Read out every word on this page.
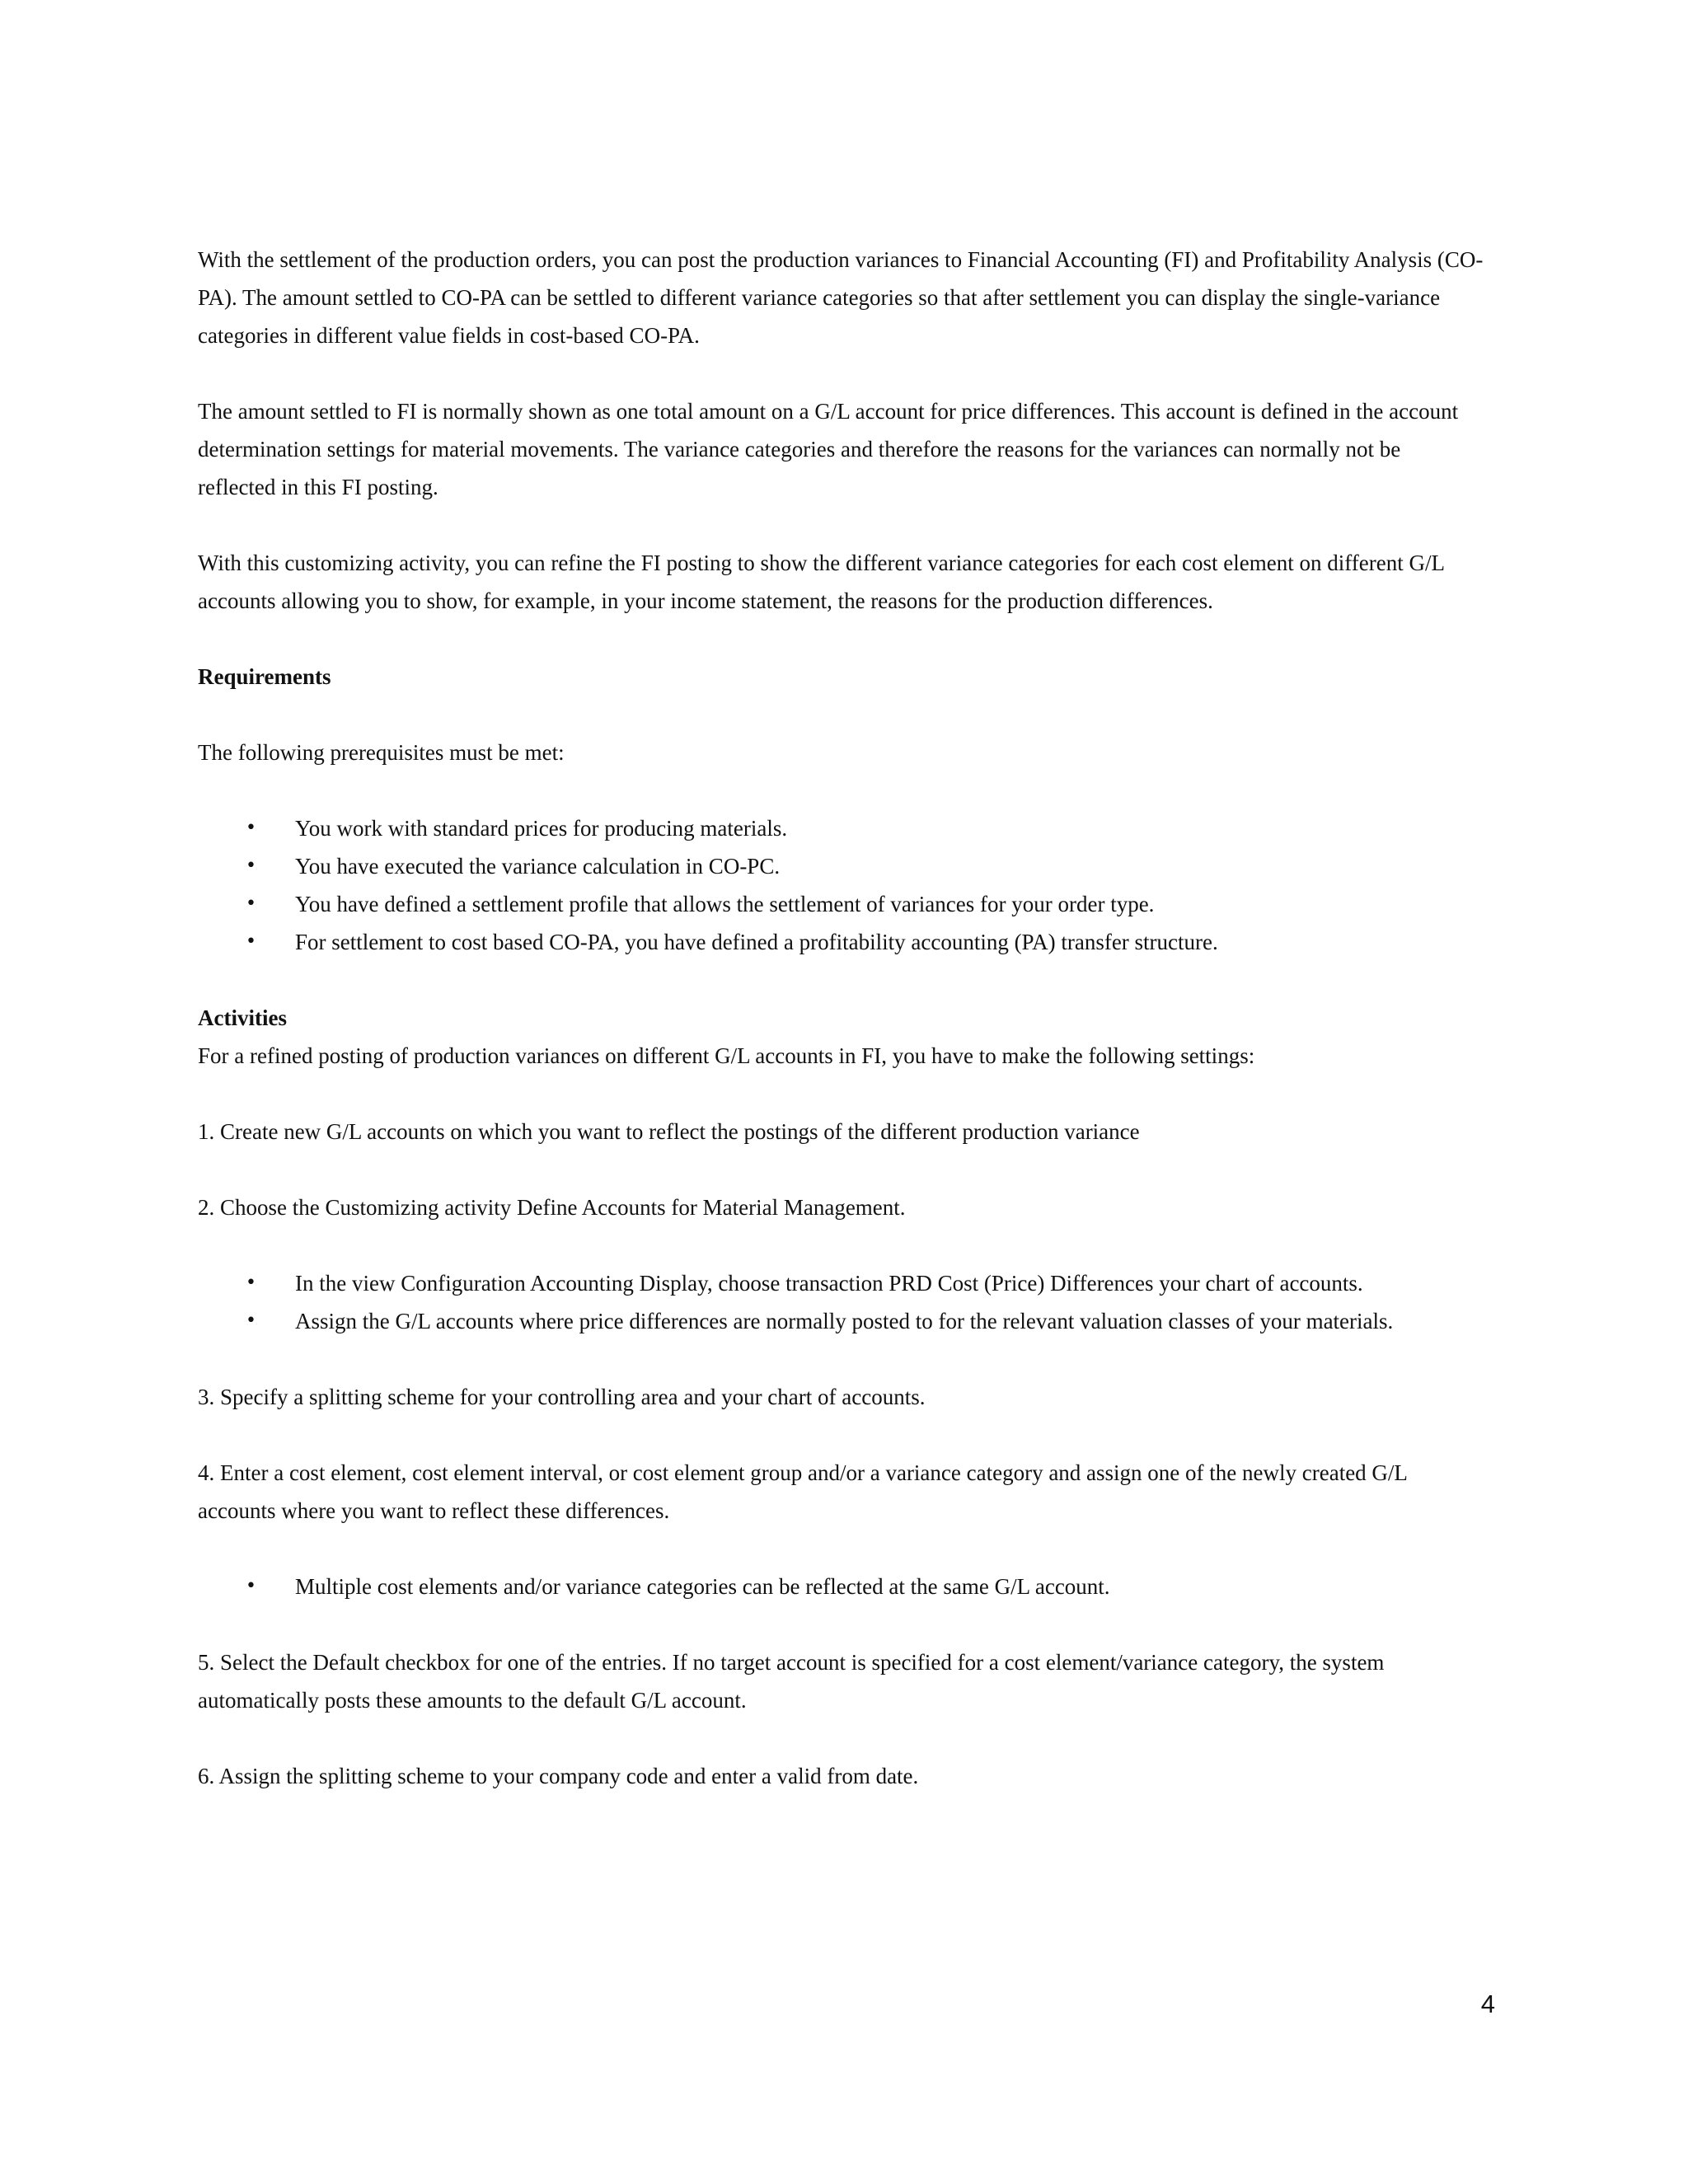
With the settlement of the production orders, you can post the production variances to Financial Accounting (FI) and Profitability Analysis (CO-PA). The amount settled to CO-PA can be settled to different variance categories so that after settlement you can display the single-variance categories in different value fields in cost-based CO-PA.

The amount settled to FI is normally shown as one total amount on a G/L account for price differences. This account is defined in the account determination settings for material movements. The variance categories and therefore the reasons for the variances can normally not be reflected in this FI posting.

With this customizing activity, you can refine the FI posting to show the different variance categories for each cost element on different G/L accounts allowing you to show, for example, in your income statement, the reasons for the production differences.

Requirements

The following prerequisites must be met:

• You work with standard prices for producing materials.
• You have executed the variance calculation in CO-PC.
• You have defined a settlement profile that allows the settlement of variances for your order type.
• For settlement to cost based CO-PA, you have defined a profitability accounting (PA) transfer structure.

Activities

For a refined posting of production variances on different G/L accounts in FI, you have to make the following settings:

1. Create new G/L accounts on which you want to reflect the postings of the different production variance

2. Choose the Customizing activity Define Accounts for Material Management.

• In the view Configuration Accounting Display, choose transaction PRD Cost (Price) Differences your chart of accounts.
• Assign the G/L accounts where price differences are normally posted to for the relevant valuation classes of your materials.

3. Specify a splitting scheme for your controlling area and your chart of accounts.

4. Enter a cost element, cost element interval, or cost element group and/or a variance category and assign one of the newly created G/L accounts where you want to reflect these differences.

• Multiple cost elements and/or variance categories can be reflected at the same G/L account.

5. Select the Default checkbox for one of the entries. If no target account is specified for a cost element/variance category, the system automatically posts these amounts to the default G/L account.

6. Assign the splitting scheme to your company code and enter a valid from date.

4
